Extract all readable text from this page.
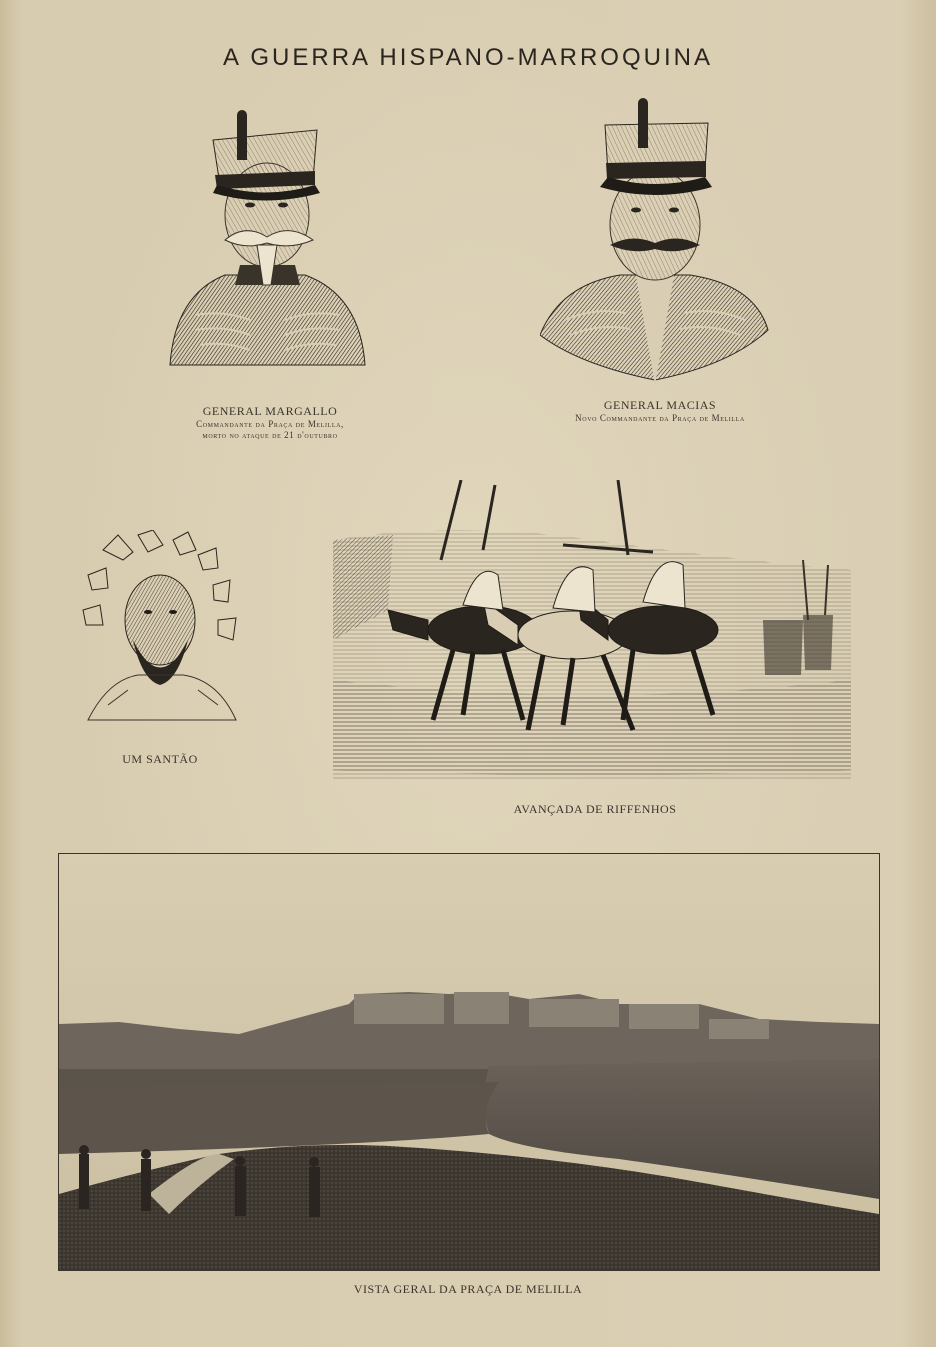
A GUERRA HISPANO-MARROQUINA
GENERAL MARGALLO
Commandante da Praça de Melilla,
morto no ataque de 21 d'outubro
GENERAL MACIAS
Novo Commandante da Praça de Melilla
UM SANTÃO
AVANÇADA DE RIFFENHOS
VISTA GERAL DA PRAÇA DE MELILLA
